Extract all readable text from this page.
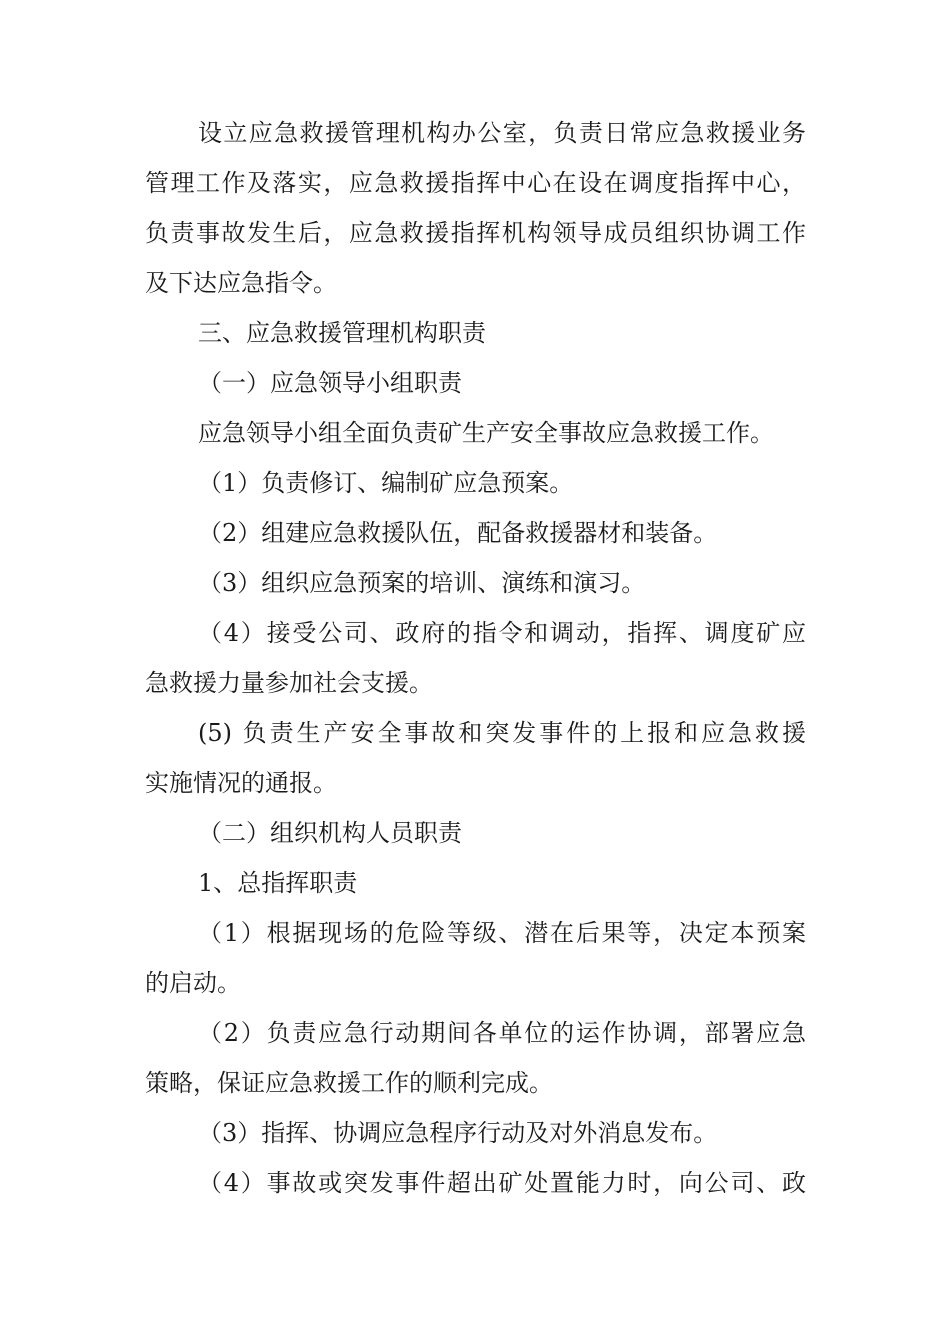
设立应急救援管理机构办公室，负责日常应急救援业务
管理工作及落实，应急救援指挥中心在设在调度指挥中心，
负责事故发生后，应急救援指挥机构领导成员组织协调工作
及下达应急指令。
三、应急救援管理机构职责
（一）应急领导小组职责
应急领导小组全面负责矿生产安全事故应急救援工作。
（1）负责修订、编制矿应急预案。
（2）组建应急救援队伍，配备救援器材和装备。
（3）组织应急预案的培训、演练和演习。
（4）接受公司、政府的指令和调动，指挥、调度矿应
急救援力量参加社会支援。
(5) 负责生产安全事故和突发事件的上报和应急救援
实施情况的通报。
（二）组织机构人员职责
1、总指挥职责
（1）根据现场的危险等级、潜在后果等，决定本预案
的启动。
（2）负责应急行动期间各单位的运作协调，部署应急
策略，保证应急救援工作的顺利完成。
（3）指挥、协调应急程序行动及对外消息发布。
（4）事故或突发事件超出矿处置能力时，向公司、政
